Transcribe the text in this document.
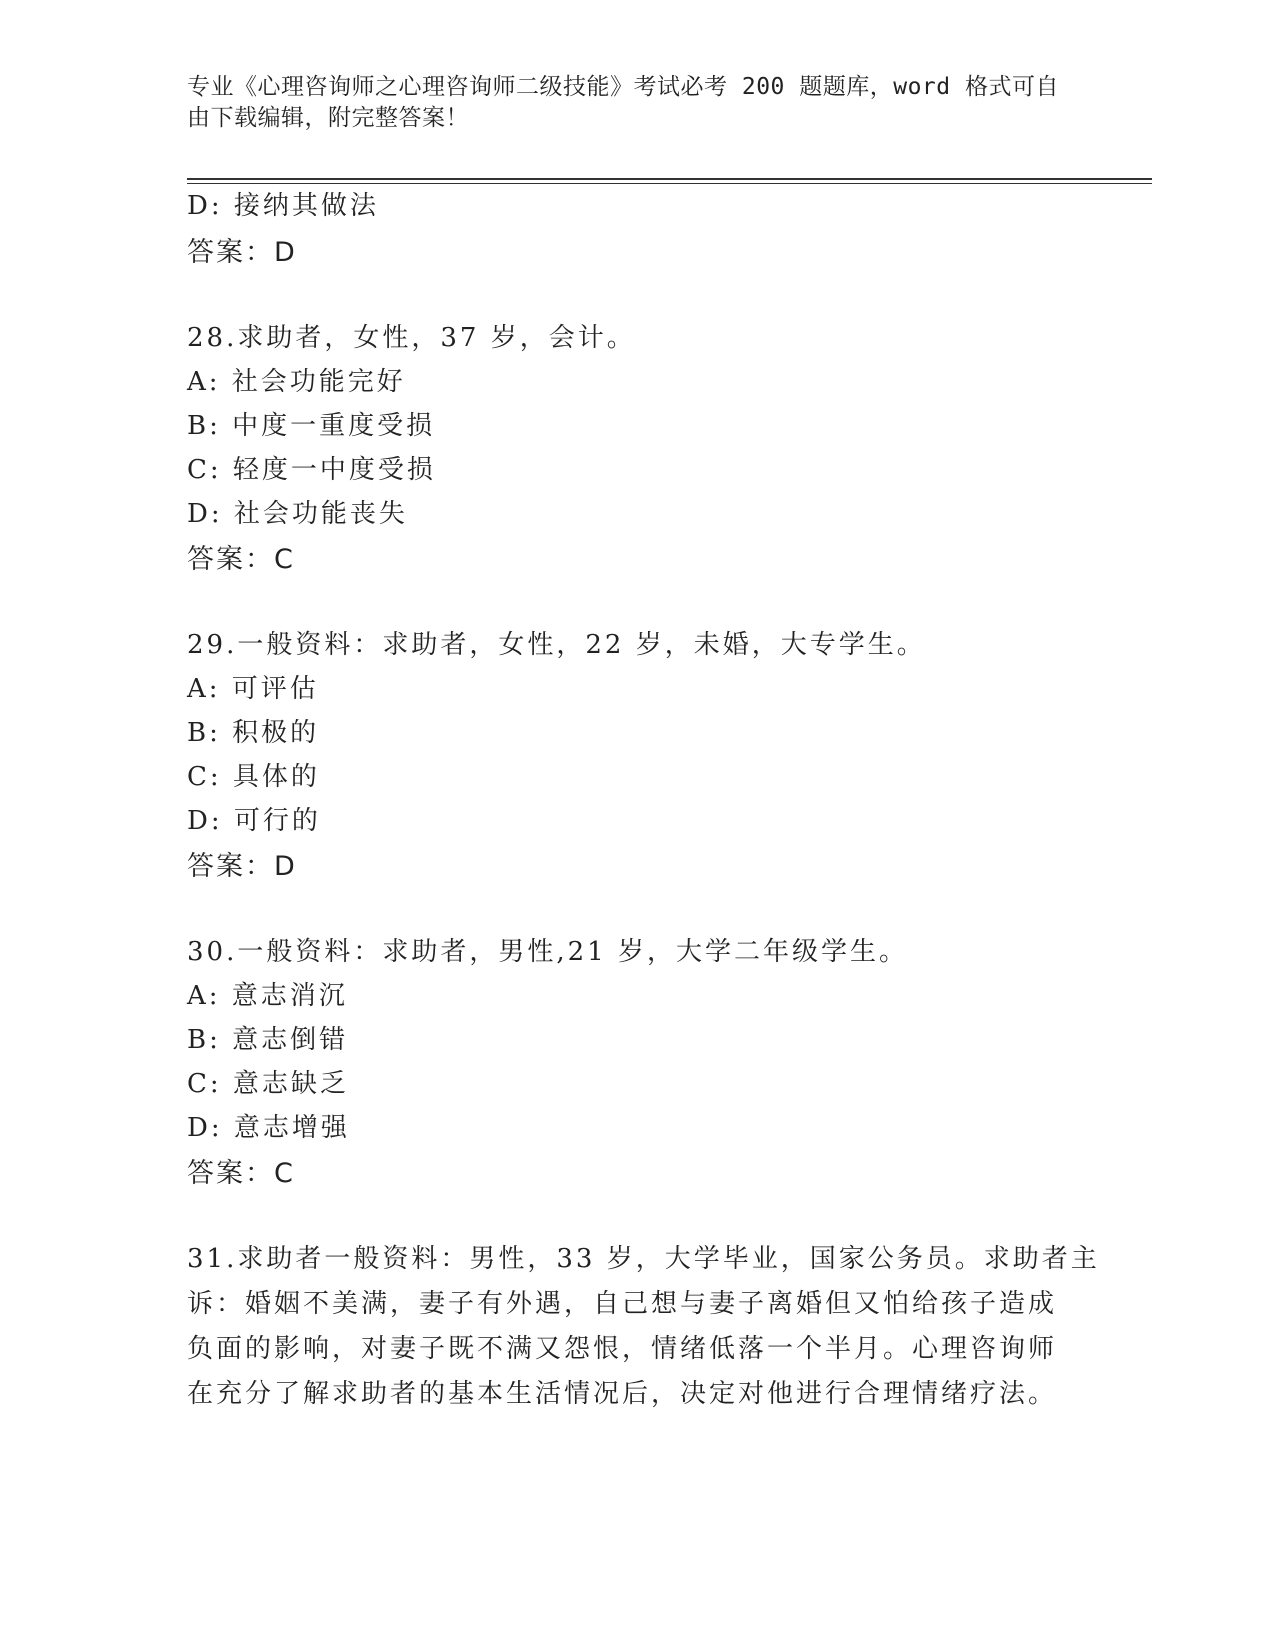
专业《心理咨询师之心理咨询师二级技能》考试必考 200 题题库，word 格式可自
由下载编辑，附完整答案！
D: 接纳其做法
答案：D
28.求助者，女性，37 岁，会计。
A: 社会功能完好
B: 中度一重度受损
C: 轻度一中度受损
D: 社会功能丧失
答案：C
29.一般资料：求助者，女性，22 岁，未婚，大专学生。
A: 可评估
B: 积极的
C: 具体的
D: 可行的
答案：D
30.一般资料：求助者，男性,21 岁，大学二年级学生。
A: 意志消沉
B: 意志倒错
C: 意志缺乏
D: 意志增强
答案：C
31.求助者一般资料：男性，33 岁，大学毕业，国家公务员。求助者主
诉：婚姻不美满，妻子有外遇，自己想与妻子离婚但又怕给孩子造成
负面的影响，对妻子既不满又怨恨，情绪低落一个半月。心理咨询师
在充分了解求助者的基本生活情况后，决定对他进行合理情绪疗法。
